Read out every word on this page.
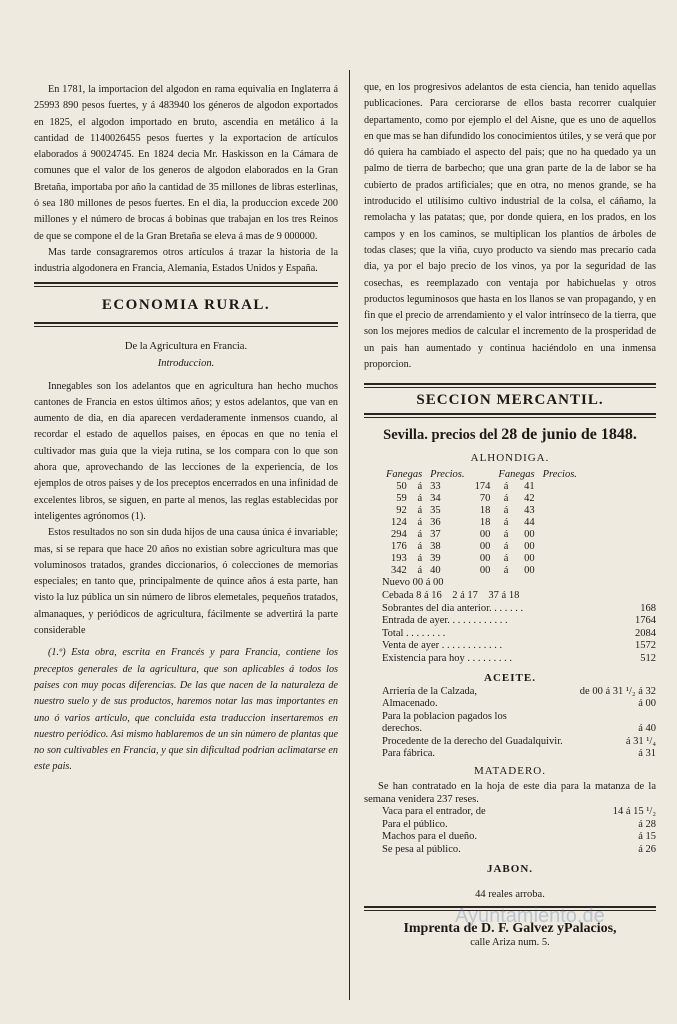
En 1781, la importacion del algodon en rama equivalia en Inglaterra á 25993 890 pesos fuertes, y á 483940 los géneros de algodon exportados en 1825, el algodon importado en bruto, ascendia en metálico á la cantidad de 1140026455 pesos fuertes y la exportacion de artículos elaborados á 90024745. En 1824 decia Mr. Haskisson en la Cámara de comunes que el valor de los generos de algodon elaborados en la Gran Bretaña, importaba por año la cantidad de 35 millones de libras esterlinas, ó sea 180 millones de pesos fuertes. En el dia, la produccion excede 200 millones y el número de brocas á bobinas que trabajan en los tres Reinos de que se compone el de la Gran Bretaña se eleva á mas de 9 000000.

Mas tarde consagraremos otros artículos á trazar la historia de la industria algodonera en Francia, Alemania, Estados Unidos y España.

ECONOMIA RURAL.
De la Agricultura en Francia.
Introduccion.

Innegables son los adelantos que en agricultura han hecho muchos cantones de Francia en estos últimos años; y estos adelantos, que van en aumento de dia, en dia aparecen verdaderamente inmensos cuando, al recordar el estado de aquellos paises, en épocas en que no tenia el cultivador mas guia que la vieja rutina, se los compara con lo que son ahora que, aprovechando de las lecciones de la experiencia, de los ejemplos de otros paises y de los preceptos encerrados en una infinidad de excelentes libros, se siguen, en parte al menos, las reglas establecidas por inteligentes agrónomos (1).

Estos resultados no son sin duda hijos de una causa única é invariable; mas, si se repara que hace 20 años no existian sobre agricultura mas que voluminosos tratados, grandes diccionarios, ó colecciones de memorias especiales; en tanto que, principalmente de quince años á esta parte, han visto la luz pública un sin número de libros elemetales, pequeños tratados, almanaques, y periódicos de agricultura, fácilmente se advertirá la parte considerable

(1.º) Esta obra, escrita en Francés y para Francia, contiene los preceptos generales de la agricultura, que son aplicables á todos los paises con muy pocas diferencias. De las que nacen de la naturaleza de nuestro suelo y de sus productos, haremos notar las mas importantes en uno ó varios artículo, que concluida esta traduccion insertaremos en nuestro periódico. Asi mismo hablaremos de un sin número de plantas que no son cultivables en Francia, y que sin dificultad podrian aclimatarse en este pais.

que, en los progresivos adelantos de esta ciencia, han tenido aquellas publicaciones. Para cerciorarse de ellos basta recorrer cualquier departamento, como por ejemplo el del Aisne, que es uno de aquellos en que mas se han difundido los conocimientos útiles, y se verá que por dó quiera ha cambiado el aspecto del pais; que no ha quedado ya un palmo de tierra de barbecho; que una gran parte de la de labor se ha cubierto de prados artificiales; que en otra, no menos grande, se ha introducido el utilísimo cultivo industrial de la colsa, el cáñamo, la remolacha y las patatas; que, por donde quiera, en los prados, en los campos y en los caminos, se multiplican los plantíos de árboles de todas clases; que la viña, cuyo producto va siendo mas precario cada dia, ya por el bajo precio de los vinos, ya por la seguridad de las cosechas, es reemplazado con ventaja por habichuelas y otros productos leguminosos que hasta en los llanos se van propagando, y en fin que el precio de arrendamiento y el valor intrínseco de la tierra, que son los mejores medios de calcular el incremento de la prosperidad de un pais han aumentado y continua haciéndolo en una inmensa proporcion.

SECCION MERCANTIL.
Sevilla. precios del 28 de junio de 1848.
ALHONDIGA.
Fanegas		Precios.		Fanegas		Precios.
50	á	33	174	á	41	
59	á	34	70	á	42	
92	á	35	18	á	43	
124	á	36	18	á	44	
294	á	37	00	á	00	
176	á	38	00	á	00	
193	á	39	00	á	00	
342	á	40	00	á	00	
Nuevo 00 á 00
Cebada 8 á 16    2 á 17    37 á 18
Sobrantes del dia anterior. . . . . . .	168
Entrada de ayer. . . . . . . . . . . .	1764
Total . . . . . . . .	2084
Venta de ayer . . . . . . . . . . . .	1572
Existencia para hoy . . . . . . . . .	512
ACEITE.
Arriería de la Calzada,	de 00 á 31 ¹/₂ á 32
Almacenado.	á 00
Para la poblacion pagados los
derechos.	á 40
Procedente de la derecho del Guadalquivir.	á 31 ¹/₄
Para fábrica.	á 31
MATADERO.

Se han contratado en la hoja de este dia para la matanza de la semana venidera 237 reses.

Vaca para el entrador, de	14 á 15 ¹/₂
Para el público.	á 28
Machos para el dueño.	á 15
Se pesa al público.	á 26
JABON.
44 reales arroba.
Imprenta de D. F. Galvez yPalacios,
calle Ariza num. 5.
Ayuntamiento.de
